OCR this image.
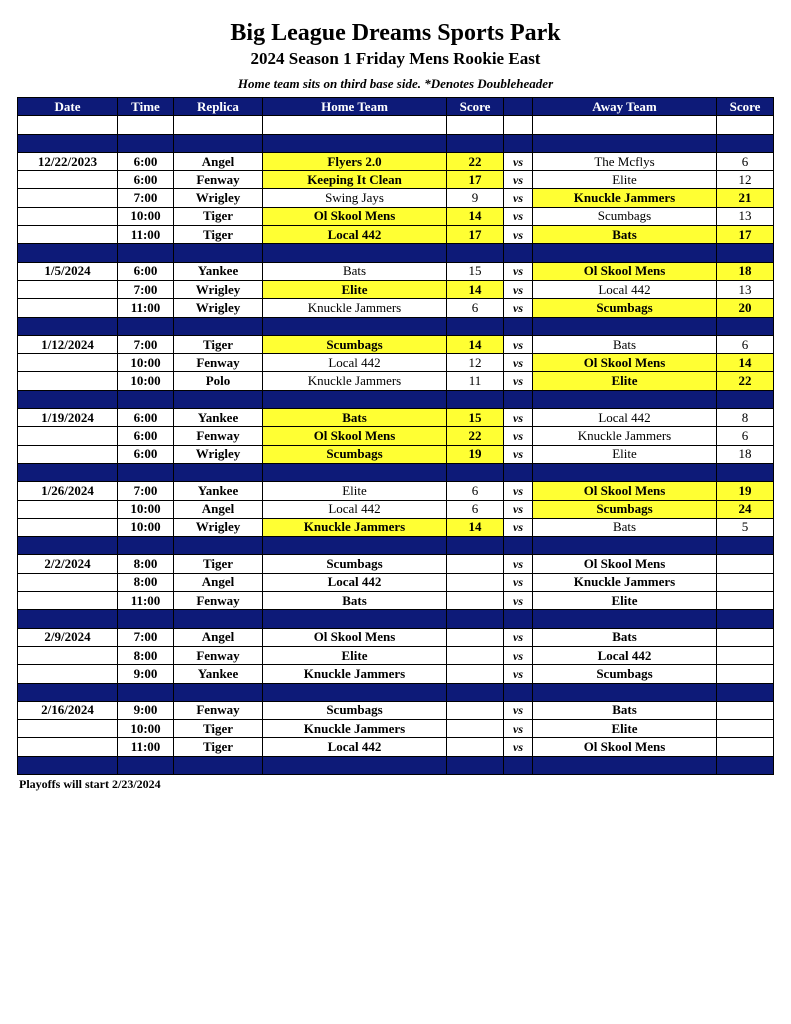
Big League Dreams Sports Park
2024 Season 1 Friday Mens Rookie East
Home team sits on third base side. *Denotes Doubleheader
Date	Time	Replica	Home Team	Score		Away Team	Score

12/22/2023	6:00	Angel	Flyers 2.0	22	vs	The Mcflys	6
	6:00	Fenway	Keeping It Clean	17	vs	Elite	12
	7:00	Wrigley	Swing Jays	9	vs	Knuckle Jammers	21
	10:00	Tiger	Ol Skool Mens	14	vs	Scumbags	13
	11:00	Tiger	Local 442	17	vs	Bats	17

1/5/2024	6:00	Yankee	Bats	15	vs	Ol Skool Mens	18
	7:00	Wrigley	Elite	14	vs	Local 442	13
	11:00	Wrigley	Knuckle Jammers	6	vs	Scumbags	20

1/12/2024	7:00	Tiger	Scumbags	14	vs	Bats	6
	10:00	Fenway	Local 442	12	vs	Ol Skool Mens	14
	10:00	Polo	Knuckle Jammers	11	vs	Elite	22

1/19/2024	6:00	Yankee	Bats	15	vs	Local 442	8
	6:00	Fenway	Ol Skool Mens	22	vs	Knuckle Jammers	6
	6:00	Wrigley	Scumbags	19	vs	Elite	18

1/26/2024	7:00	Yankee	Elite	6	vs	Ol Skool Mens	19
	10:00	Angel	Local 442	6	vs	Scumbags	24
	10:00	Wrigley	Knuckle Jammers	14	vs	Bats	5

2/2/2024	8:00	Tiger	Scumbags		vs	Ol Skool Mens	
	8:00	Angel	Local 442		vs	Knuckle Jammers	
	11:00	Fenway	Bats		vs	Elite	

2/9/2024	7:00	Angel	Ol Skool Mens		vs	Bats	
	8:00	Fenway	Elite		vs	Local 442	
	9:00	Yankee	Knuckle Jammers		vs	Scumbags	

2/16/2024	9:00	Fenway	Scumbags		vs	Bats	
	10:00	Tiger	Knuckle Jammers		vs	Elite	
	11:00	Tiger	Local 442		vs	Ol Skool Mens	

Playoffs will start 2/23/2024
